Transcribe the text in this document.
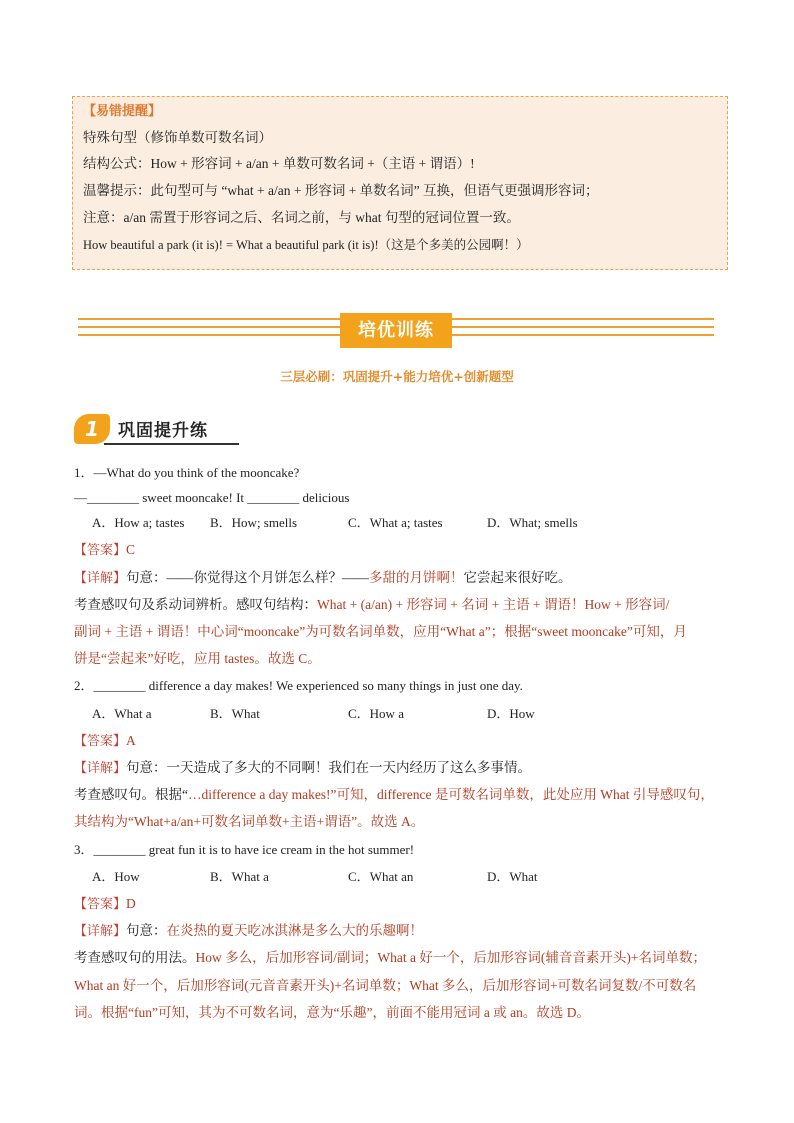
【易错提醒】
特殊句型（修饰单数可数名词）
结构公式：How + 形容词 + a/an + 单数可数名词 +（主语 + 谓语）!
温馨提示：此句型可与 “what + a/an + 形容词 + 单数名词” 互换，但语气更强调形容词；
注意：a/an 需置于形容词之后、名词之前，与 what 句型的冠词位置一致。
How beautiful a park (it is)! = What a beautiful park (it is)!（这是个多美的公园啊！）
培优训练
三层必刷：巩固提升+能力培优+创新题型
1	巩固提升练
1．—What do you think of the mooncake?
—________ sweet mooncake! It ________ delicious
A．How a; tastes B．How; smells	C．What a; tastes	D．What; smells
【答案】C
【详解】句意：——你觉得这个月饼怎么样？——多甜的月饼啊！它尝起来很好吃。
考查感叹句及系动词辨析。感叹句结构：What + (a/an) + 形容词 + 名词 + 主语 + 谓语！How + 形容词/
副词 + 主语 + 谓语！中心词“mooncake”为可数名词单数，应用“What a”；根据“sweet mooncake”可知，月
饼是“尝起来”好吃，应用 tastes。故选 C。
2．________ difference a day makes! We experienced so many things in just one day.
A．What a	B．What	C．How a	D．How
【答案】A
【详解】句意：一天造成了多大的不同啊！我们在一天内经历了这么多事情。
考查感叹句。根据“…difference a day makes!”可知，difference 是可数名词单数，此处应用 What 引导感叹句，
其结构为“What+a/an+可数名词单数+主语+谓语”。故选 A。
3．________ great fun it is to have ice cream in the hot summer!
A．How	B．What a	C．What an	D．What
【答案】D
【详解】句意：在炎热的夏天吃冰淇淋是多么大的乐趣啊！
考查感叹句的用法。How 多么，后加形容词/副词；What a 好一个，后加形容词(辅音音素开头)+名词单数；
What an 好一个，后加形容词(元音音素开头)+名词单数；What 多么，后加形容词+可数名词复数/不可数名
词。根据“fun”可知，其为不可数名词，意为“乐趣”，前面不能用冠词 a 或 an。故选 D。
